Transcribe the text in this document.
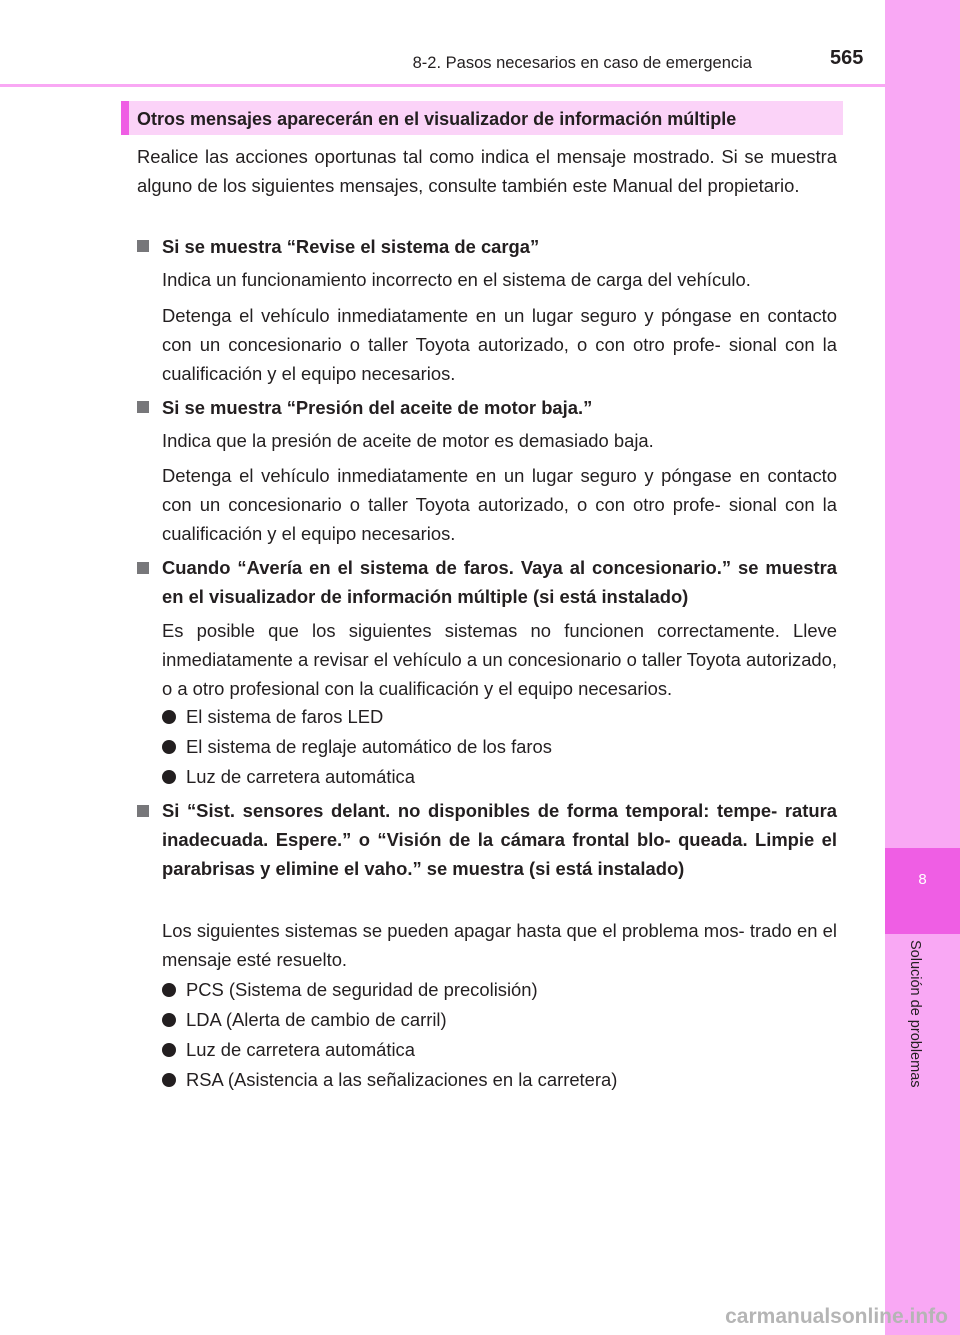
8
Solución de problemas
8-2. Pasos necesarios en caso de emergencia	565
Otros mensajes aparecerán en el visualizador de información múltiple
Realice las acciones oportunas tal como indica el mensaje mostrado. Si se muestra alguno de los siguientes mensajes, consulte también este Manual del propietario.
Si se muestra “Revise el sistema de carga”
Indica un funcionamiento incorrecto en el sistema de carga del vehículo.
Detenga el vehículo inmediatamente en un lugar seguro y póngase en contacto con un concesionario o taller Toyota autorizado, o con otro profe- sional con la cualificación y el equipo necesarios.
Si se muestra “Presión del aceite de motor baja.”
Indica que la presión de aceite de motor es demasiado baja.
Detenga el vehículo inmediatamente en un lugar seguro y póngase en contacto con un concesionario o taller Toyota autorizado, o con otro profe- sional con la cualificación y el equipo necesarios.
Cuando “Avería en el sistema de faros. Vaya al concesionario.” se muestra en el visualizador de información múltiple (si está instalado)
Es posible que los siguientes sistemas no funcionen correctamente. Lleve inmediatamente a revisar el vehículo a un concesionario o taller Toyota autorizado, o a otro profesional con la cualificación y el equipo necesarios.
El sistema de faros LED
El sistema de reglaje automático de los faros
Luz de carretera automática
Si “Sist. sensores delant. no disponibles de forma temporal: tempe- ratura inadecuada. Espere.” o “Visión de la cámara frontal blo- queada. Limpie el parabrisas y elimine el vaho.” se muestra (si está instalado)
Los siguientes sistemas se pueden apagar hasta que el problema mos- trado en el mensaje esté resuelto.
PCS (Sistema de seguridad de precolisión)
LDA (Alerta de cambio de carril)
Luz de carretera automática
RSA (Asistencia a las señalizaciones en la carretera)
carmanualsonline.info
